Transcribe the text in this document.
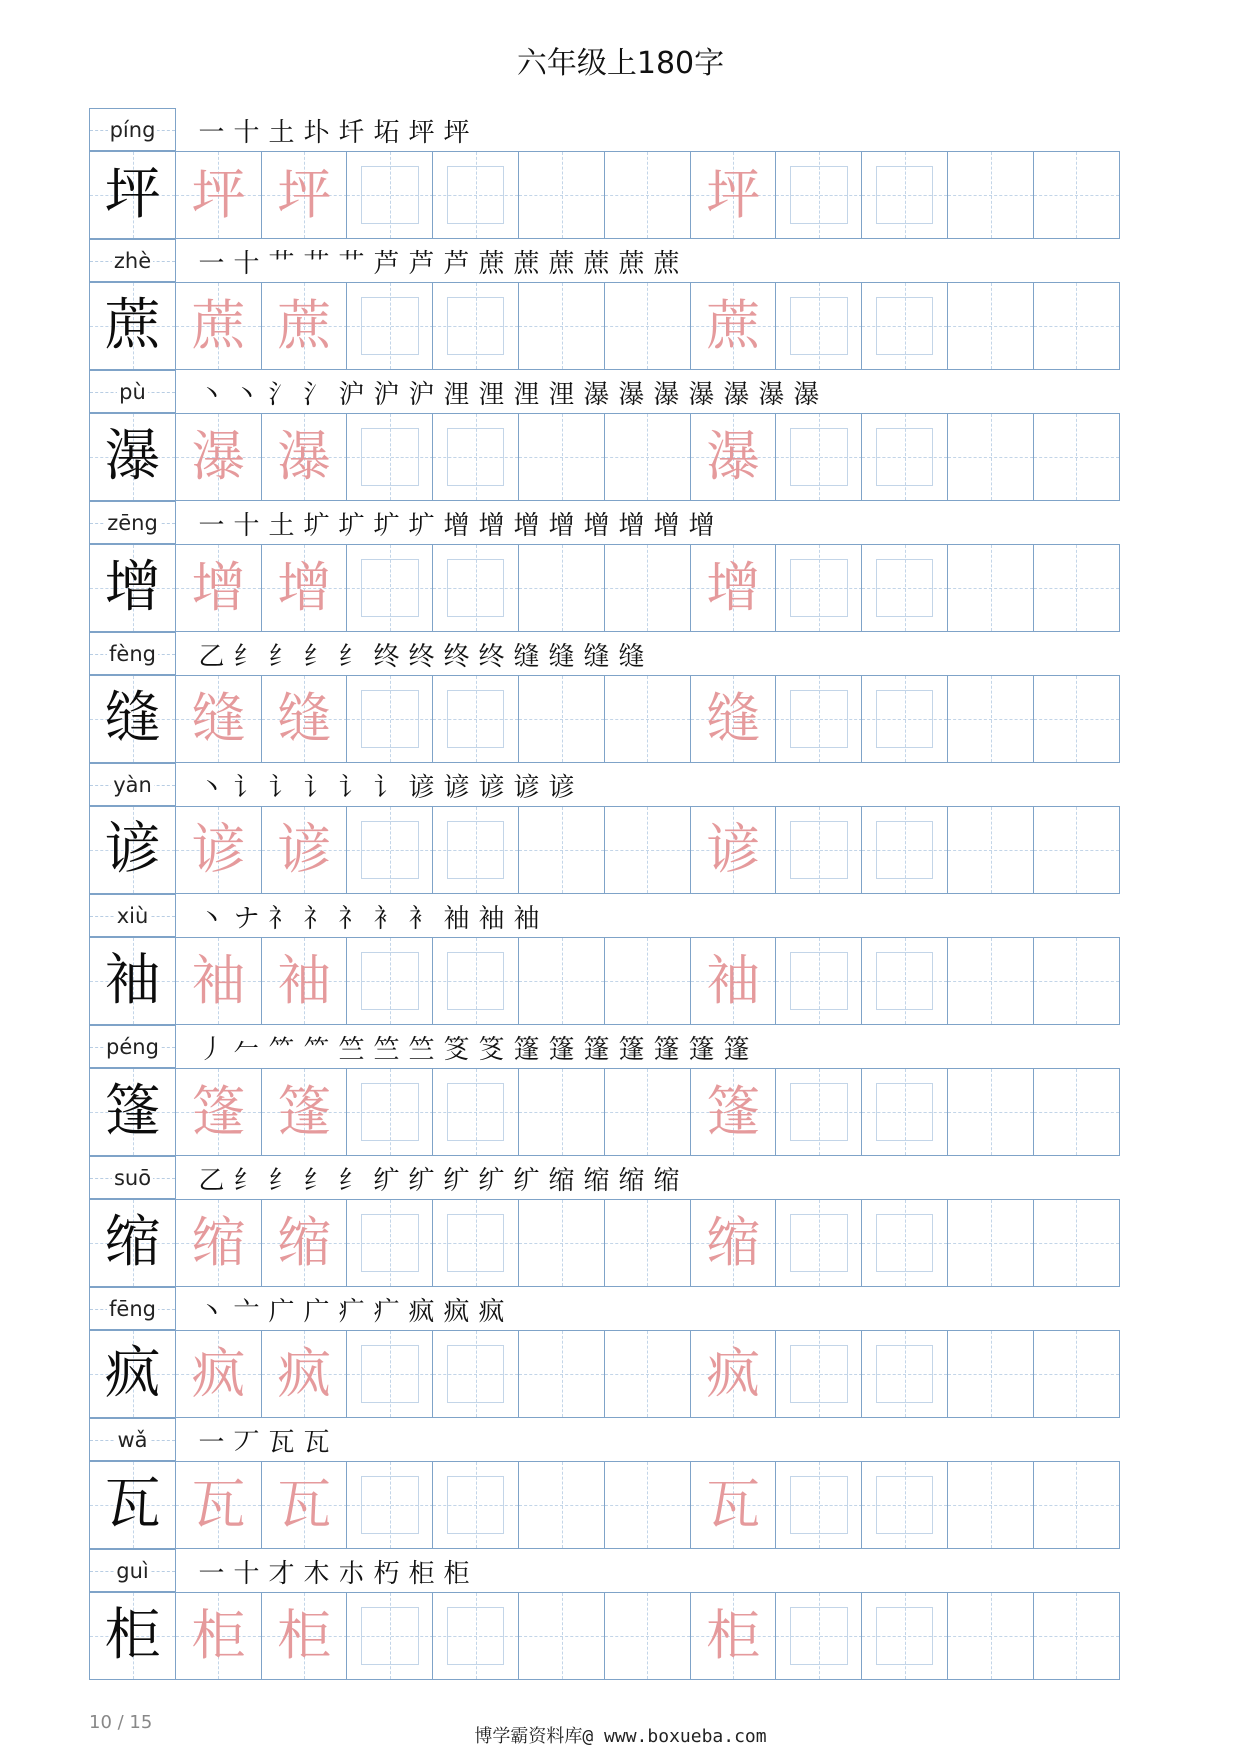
六年级上180字
píng 一 十 土 圤 圲 坧 坪 坪
坪 坪 坪	坪
zhè 一 十 艹 艹 艹 芦 芦 芦 蔗 蔗 蔗 蔗 蔗 蔗
蔗 蔗 蔗	蔗
pù 丶 丶 氵 氵 沪 沪 沪 浬 浬 浬 浬 瀑 瀑 瀑 瀑 瀑 瀑 瀑
瀑 瀑 瀑	瀑
zēng 一 十 土 圹 圹 圹 圹 增 增 增 增 增 增 增 增
增 增 增	增
fèng 乙 纟 纟 纟 纟 终 终 终 终 缝 缝 缝 缝
缝 缝 缝	缝
yàn 丶 讠 讠 讠 讠 讠 谚 谚 谚 谚 谚
谚 谚 谚	谚
xiù 丶 ナ 礻 礻 礻 衤 衤 袖 袖 袖
袖 袖 袖	袖
péng 丿 𠂉 ⺮ ⺮ 竺 竺 竺 笅 笅 篷 篷 篷 篷 篷 篷 篷
篷 篷 篷	篷
suō 乙 纟 纟 纟 纟 纩 纩 纩 纩 纩 缩 缩 缩 缩
缩 缩 缩	缩
fēng 丶 亠 广 广 疒 疒 疯 疯 疯
疯 疯 疯	疯
wǎ 一 丆 瓦 瓦
瓦 瓦 瓦	瓦
guì 一 十 才 木 朩 朽 柜 柜
柜 柜 柜	柜
10 / 15
博学霸资料库@ www.boxueba.com
